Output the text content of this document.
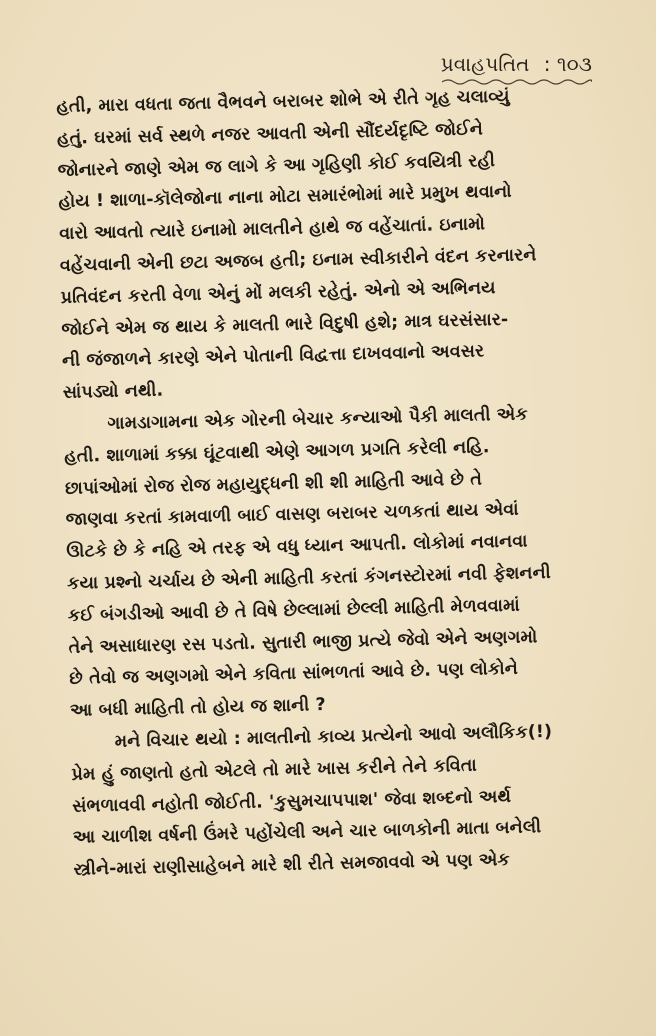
પ્રવાહપતિત : ૧૦૩

હતી, મારા વધતા જતા વૈભવને બરાબર શોભે એ રીતે ગૃહ ચલાવ્યું
હતું. ઘરમાં સર્વ સ્થળે નજર આવતી એની સૌંદર્યદૃષ્ટિ જોઈને
જોનારને જાણે એમ જ લાગે કે આ ગૃહિણી કોઈ કવયિત્રી રહી
હોય ! શાળા-કૉલેજોના નાના મોટા સમારંભોમાં મારે પ્રમુખ થવાનો
વારો આવતો ત્યારે ઇનામો માલતીને હાથે જ વહેંચાતાં. ઇનામો
વહેંચવાની એની છટા અજબ હતી; ઇનામ સ્વીકારીને વંદન કરનારને
પ્રતિવંદન કરતી વેળા એનું મોં મલકી રહેતું. એનો એ અભિનય
જોઈને એમ જ થાય કે માલતી ભારે વિદુષી હશે; માત્ર ઘરસંસાર-
ની જંજાળને કારણે એને પોતાની વિદ્વત્તા દાખવવાનો અવસર
સાંપડ્યો નથી.

ગામડાગામના એક ગોરની બેચાર કન્યાઓ પૈકી માલતી એક
હતી. શાળામાં કક્કા ઘૂંટવાથી એણે આગળ પ્રગતિ કરેલી નહિ.
છાપાંઓમાં રોજ રોજ મહાયુદ્ધની શી શી માહિતી આવે છે તે
જાણવા કરતાં કામવાળી બાઈ વાસણ બરાબર ચળકતાં થાય એવાં
ઊટકે છે કે નહિ એ તરફ એ વધુ ધ્યાન આપતી. લોકોમાં નવાનવા
કયા પ્રશ્નો ચર્ચાય છે એની માહિતી કરતાં કંગનસ્ટોરમાં નવી ફેશનની
કઈ બંગડીઓ આવી છે તે વિષે છેલ્લામાં છેલ્લી માહિતી મેળવવામાં
તેને અસાધારણ રસ પડતો. સુતારી ભાજી પ્રત્યે જેવો એને અણગમો
છે તેવો જ અણગમો એને કવિતા સાંભળતાં આવે છે. પણ લોકોને
આ બધી માહિતી તો હોય જ શાની ?

મને વિચાર થયો : માલતીનો કાવ્ય પ્રત્યેનો આવો અલૌકિક(!)
પ્રેમ હું જાણતો હતો એટલે તો મારે ખાસ કરીને તેને કવિતા
સંભળાવવી નહોતી જોઈતી. 'કુસુમચાપપાશ' જેવા શબ્દનો અર્થ
આ ચાળીશ વર્ષની ઉંમરે પહોંચેલી અને ચાર બાળકોની માતા બનેલી
સ્ત્રીને-મારાં રાણીસાહેબને મારે શી રીતે સમજાવવો એ પણ એક
